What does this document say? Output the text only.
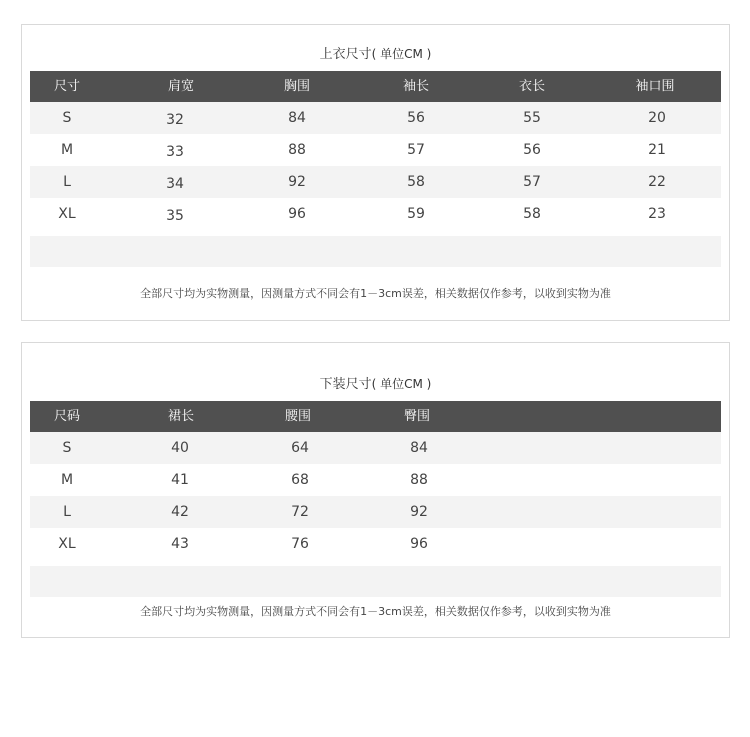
上衣尺寸( 单位CM )
尺寸	肩宽	胸围	袖长	衣长	袖口围
S	32	84	56	55	20
M	33	88	57	56	21
L	34	92	58	57	22
XL	35	96	59	58	23
全部尺寸均为实物测量，因测量方式不同会有1－3cm误差，相关数据仅作参考，以收到实物为准
下装尺寸( 单位CM )
尺码	裙长	腰围	臀围
S	40	64	84
M	41	68	88
L	42	72	92
XL	43	76	96
全部尺寸均为实物测量，因测量方式不同会有1－3cm误差，相关数据仅作参考，以收到实物为准
